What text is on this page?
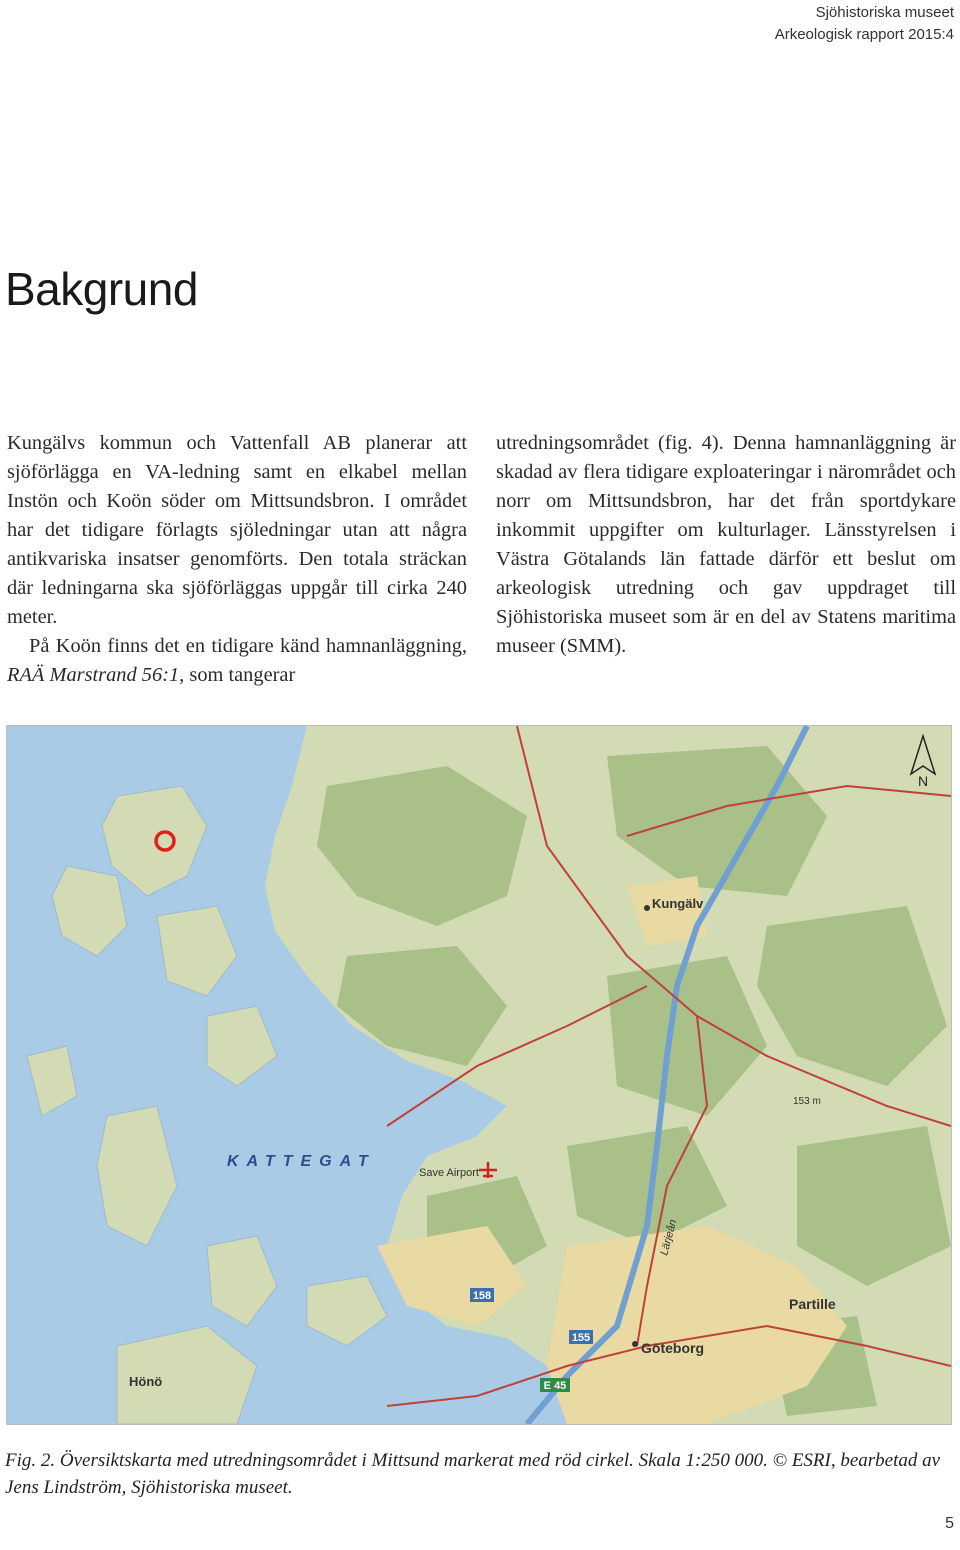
Sjöhistoriska museet
Arkeologisk rapport 2015:4
Bakgrund

Kungälvs kommun och Vattenfall AB planerar att sjöförlägga en VA-ledning samt en elkabel mellan Instön och Koön söder om Mittsundsbron. I området har det tidigare förlagts sjöledningar utan att några antikvariska insatser genomförts. Den totala sträckan där ledningarna ska sjöförläggas uppgår till cirka 240 meter.

På Koön finns det en tidigare känd hamnanläggning, RAÄ Marstrand 56:1, som tangerar

utredningsområdet (fig. 4). Denna hamnanläggning är skadad av flera tidigare exploateringar i närområdet och norr om Mittsundsbron, har det från sportdykare inkommit uppgifter om kulturlager. Länsstyrelsen i Västra Götalands län fattade därför ett beslut om arkeologisk utredning och gav uppdraget till Sjöhistoriska museet som är en del av Statens maritima museer (SMM).

158
155
E 45
Kungälv
KATTEGAT
Save Airport
153 m
Lärjeån
Partille
Göteborg
Hönö
N
Fig. 2. Översiktskarta med utredningsområdet i Mittsund markerat med röd cirkel. Skala 1:250 000. © ESRI, bearbetad av Jens Lindström, Sjöhistoriska museet.
5
